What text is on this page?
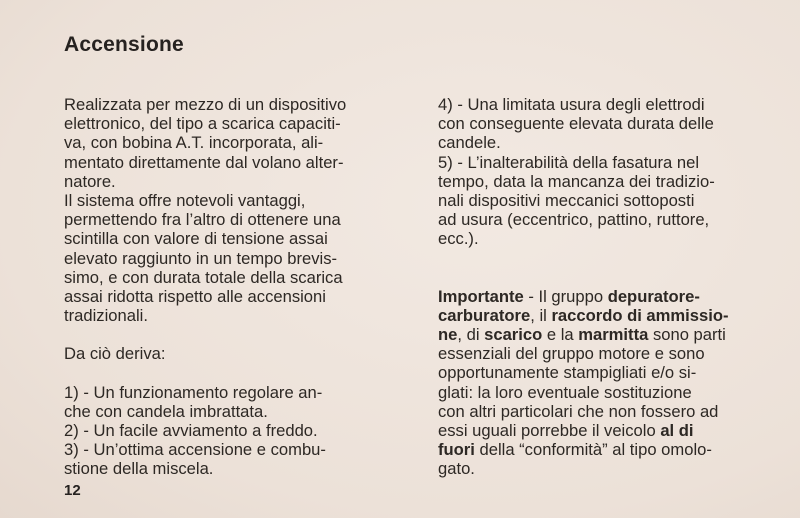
Accensione
Realizzata per mezzo di un dispositivo
elettronico, del tipo a scarica capaciti-
va, con bobina A.T. incorporata, ali-
mentato direttamente dal volano alter-
natore.
Il sistema offre notevoli vantaggi,
permettendo fra l’altro di ottenere una
scintilla con valore di tensione assai
elevato raggiunto in un tempo brevis-
simo, e con durata totale della scarica
assai ridotta rispetto alle accensioni
tradizionali.
Da ciò deriva:
1) - Un funzionamento regolare an-
che con candela imbrattata.
2) - Un facile avviamento a freddo.
3) - Un’ottima accensione e combu-
stione della miscela.
4) - Una limitata usura degli elettrodi
con conseguente elevata durata delle
candele.
5) - L’inalterabilità della fasatura nel
tempo, data la mancanza dei tradizio-
nali dispositivi meccanici sottoposti
ad usura (eccentrico, pattino, ruttore,
ecc.).
Importante - Il gruppo depuratore-
carburatore, il raccordo di ammissio-
ne, di scarico e la marmitta sono parti
essenziali del gruppo motore e sono
opportunamente stampigliati e/o si-
glati: la loro eventuale sostituzione
con altri particolari che non fossero ad
essi uguali porrebbe il veicolo al di
fuori della “conformità” al tipo omolo-
gato.
12
